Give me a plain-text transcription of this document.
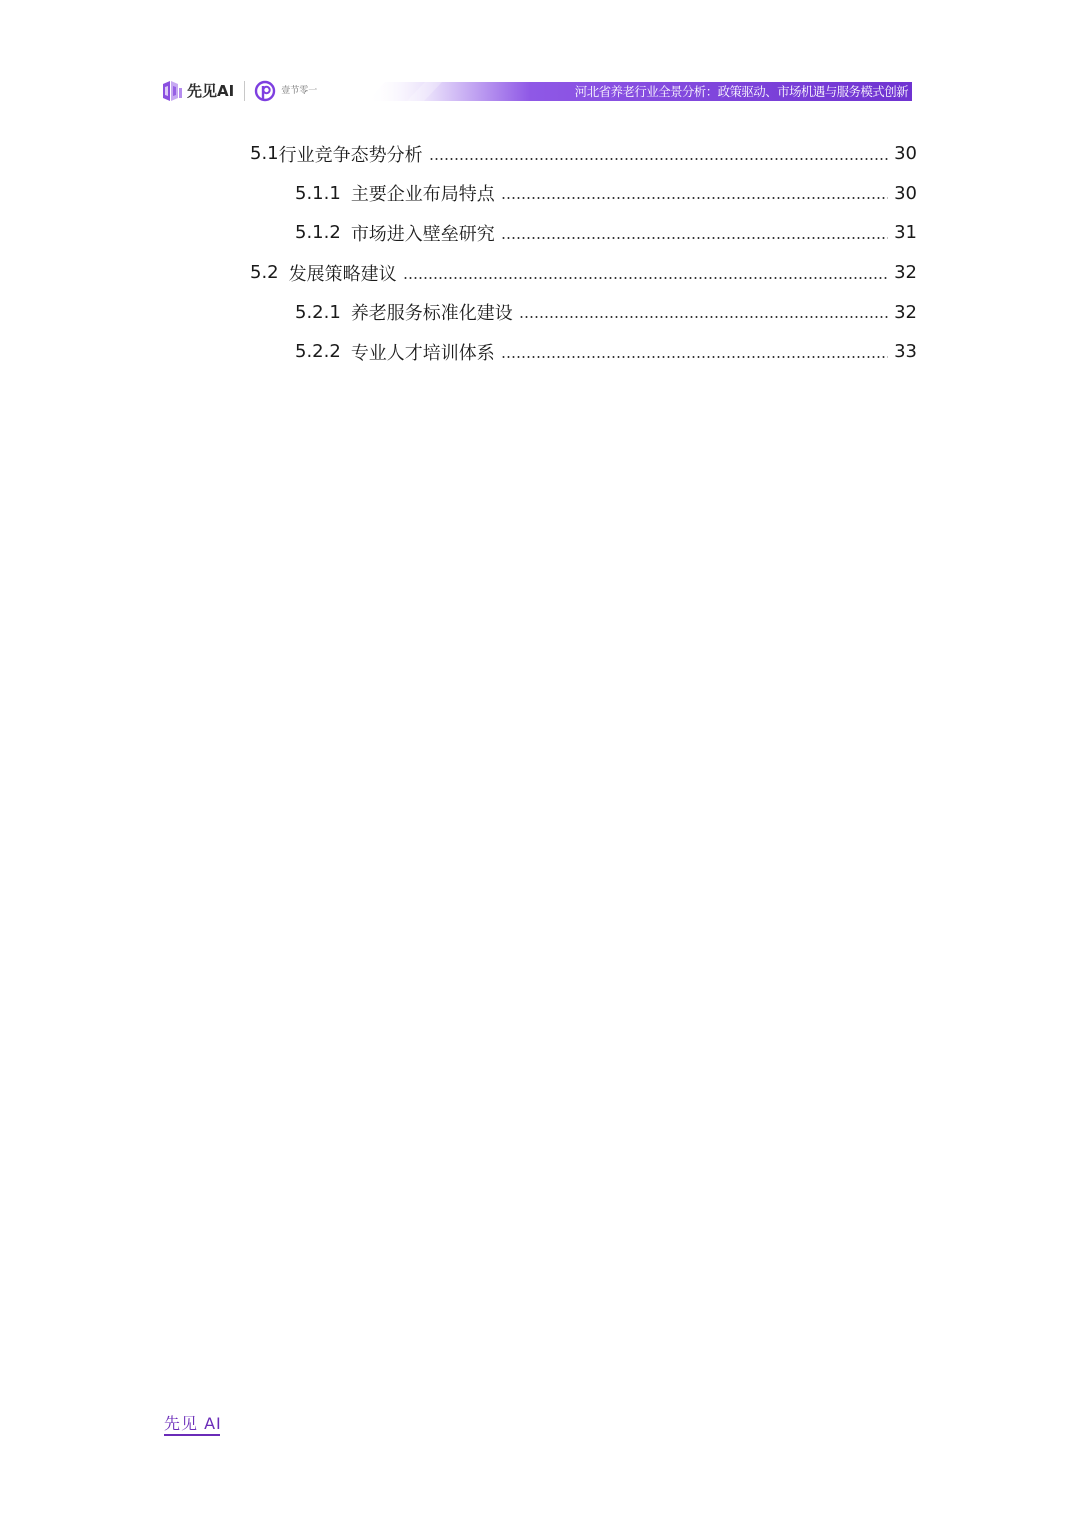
先见AI	壹节零一	河北省养老行业全景分析：政策驱动、市场机遇与服务模式创新
5.1 行业竞争态势分析	30
5.1.1 主要企业布局特点	30
5.1.2 市场进入壁垒研究	31
5.2 发展策略建议	32
5.2.1 养老服务标准化建设	32
5.2.2 专业人才培训体系	33
先见 AI
